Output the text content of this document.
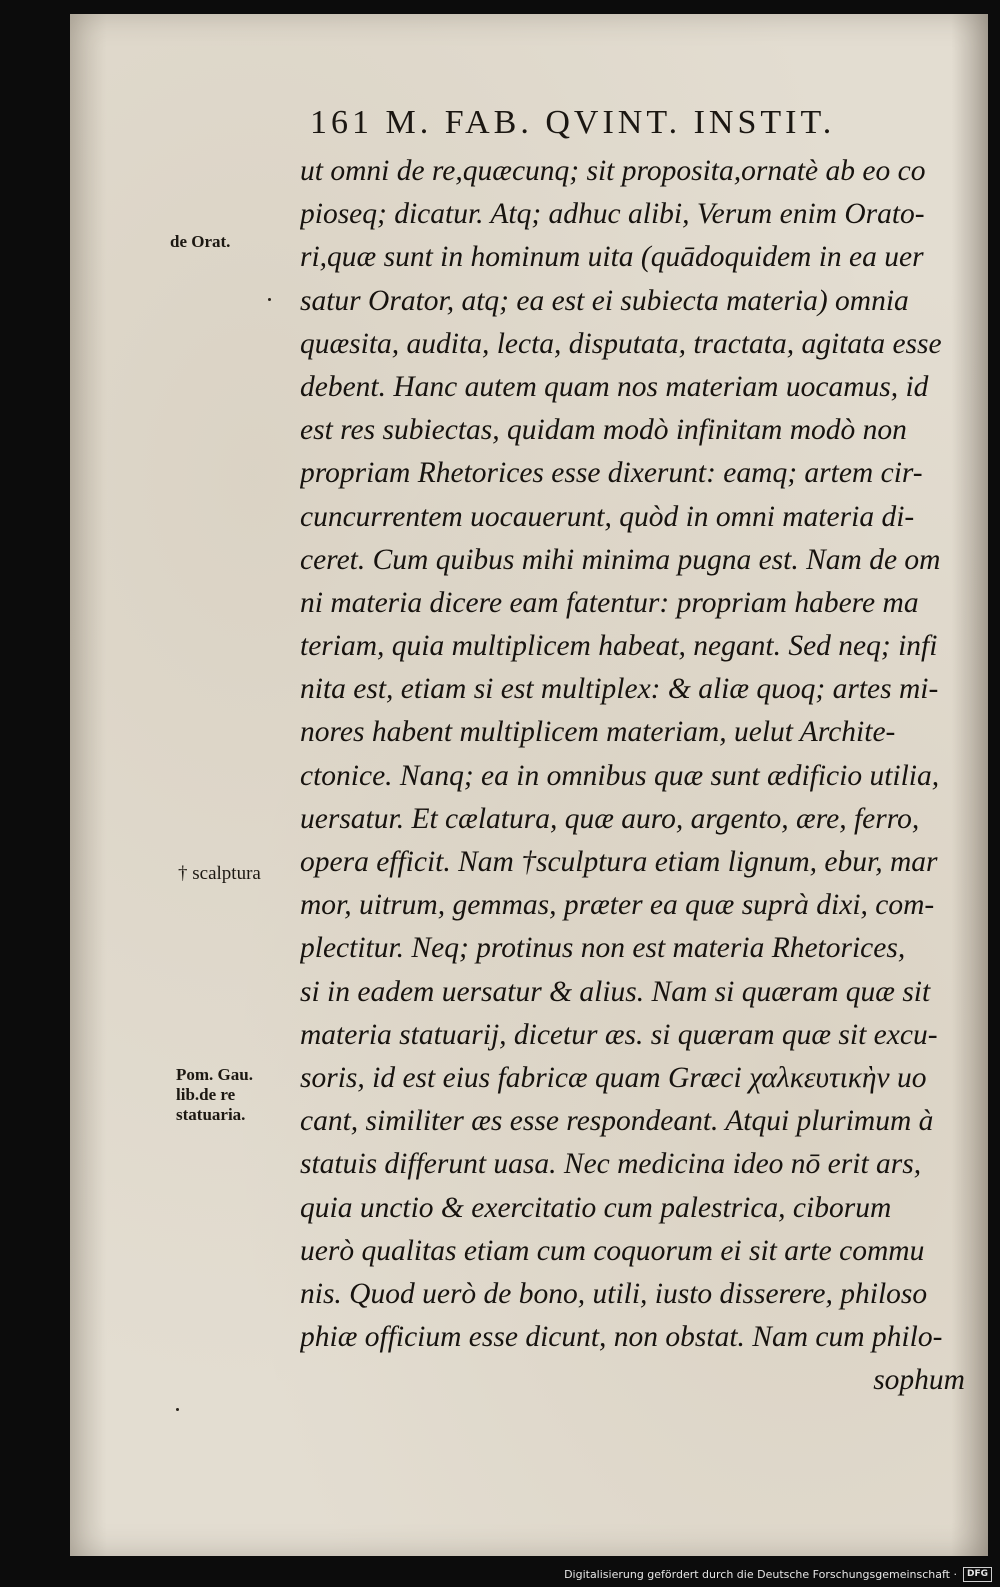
161 M. FAB. QVINT. INSTIT.
ut omni de re,quæcunq; sit proposita,ornatè ab eo co
pioseq; dicatur. Atq; adhuc alibi, Verum enim Orato-
ri,quæ sunt in hominum uita (quādoquidem in ea uer
satur Orator, atq; ea est ei subiecta materia) omnia
quæsita, audita, lecta, disputata, tractata, agitata esse
debent. Hanc autem quam nos materiam uocamus, id
est res subiectas, quidam modò infinitam modò non
propriam Rhetorices esse dixerunt: eamq; artem cir-
cuncurrentem uocauerunt, quòd in omni materia di-
ceret. Cum quibus mihi minima pugna est. Nam de om
ni materia dicere eam fatentur: propriam habere ma
teriam, quia multiplicem habeat, negant. Sed neq; infi
nita est, etiam si est multiplex: & aliæ quoq; artes mi-
nores habent multiplicem materiam, uelut Archite-
ctonice. Nanq; ea in omnibus quæ sunt ædificio utilia,
uersatur. Et cælatura, quæ auro, argento, ære, ferro,
opera efficit. Nam †sculptura etiam lignum, ebur, mar
mor, uitrum, gemmas, præter ea quæ suprà dixi, com-
plectitur. Neq; protinus non est materia Rhetorices,
si in eadem uersatur & alius. Nam si quæram quæ sit
materia statuarij, dicetur æs. si quæram quæ sit excu-
soris, id est eius fabricæ quam Græci χαλκευτικὴν uo
cant, similiter æs esse respondeant. Atqui plurimum à
statuis differunt uasa. Nec medicina ideo nō erit ars,
quia unctio & exercitatio cum palestrica, ciborum
uerò qualitas etiam cum coquorum ei sit arte commu
nis. Quod uerò de bono, utili, iusto disserere, philoso
phiæ officium esse dicunt, non obstat. Nam cum philo-
sophum
de Orat.
† scalptura
Pom. Gau.
lib.de re
statuaria.
Digitalisierung gefördert durch die Deutsche Forschungsgemeinschaft ·	DFG
